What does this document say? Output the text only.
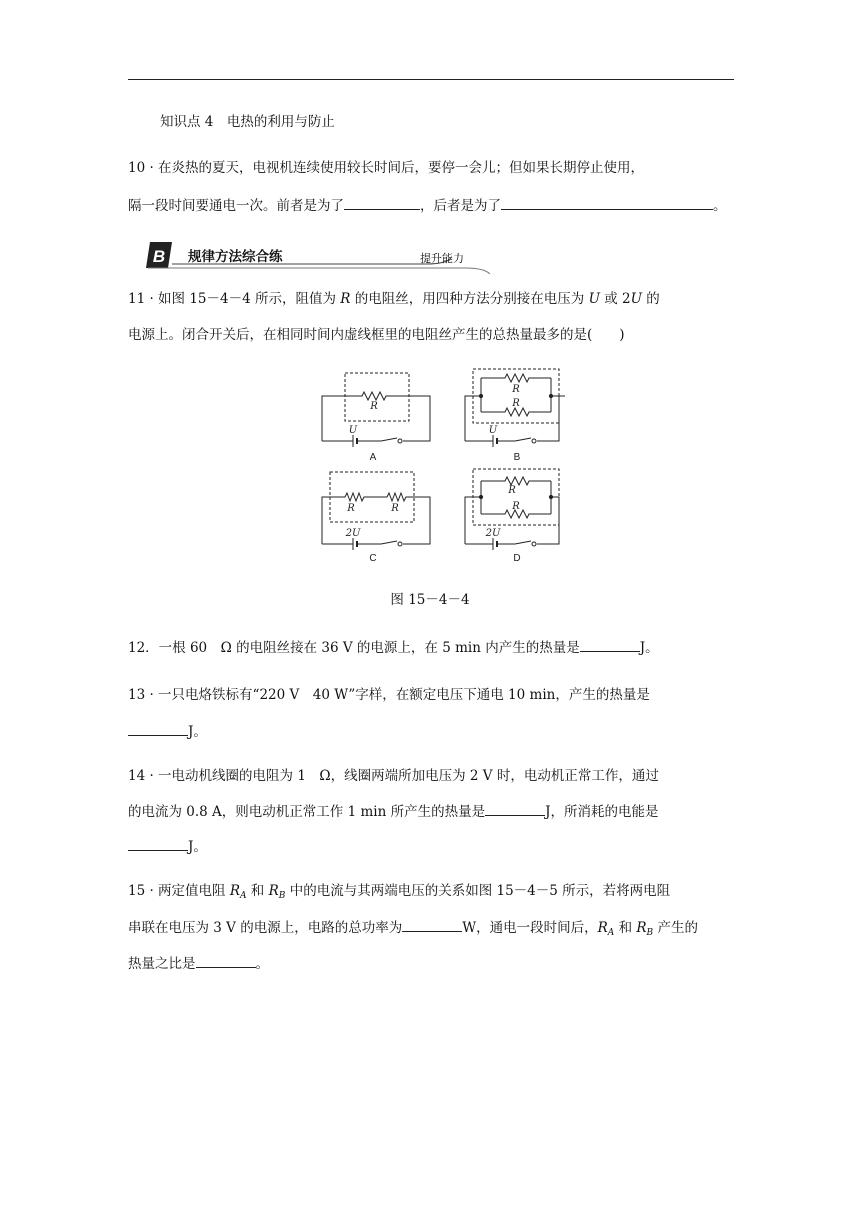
知识点 4　电热的利用与防止
10 · 在炎热的夏天，电视机连续使用较长时间后，要停一会儿；但如果长期停止使用，
隔一段时间要通电一次。前者是为了	，后者是为了	。
B 规律方法综合练	提升能力
11 · 如图 15－4－4 所示，阻值为 R 的电阻丝，用四种方法分别接在电压为 U 或 2U 的
电源上。闭合开关后，在相同时间内虚线框里的电阻丝产生的总热量最多的是(　　)
R
U
A
R
R
U
B
R	R
2U
C
R
R
2U
D
图 15－4－4
12．一根 60　Ω 的电阻丝接在 36 V 的电源上，在 5 min 内产生的热量是	J。
13 · 一只电烙铁标有“220 V　40 W”字样，在额定电压下通电 10 min，产生的热量是
J。
14 · 一电动机线圈的电阻为 1　Ω，线圈两端所加电压为 2 V 时，电动机正常工作，通过
的电流为 0.8 A，则电动机正常工作 1 min 所产生的热量是	J，所消耗的电能是
J。
15 · 两定值电阻 $R_A$ 和 $R_B$ 中的电流与其两端电压的关系如图 15－4－5 所示，若将两电阻
串联在电压为 3 V 的电源上，电路的总功率为	W，通电一段时间后，$R_A$ 和 $R_B$ 产生的
热量之比是	。
